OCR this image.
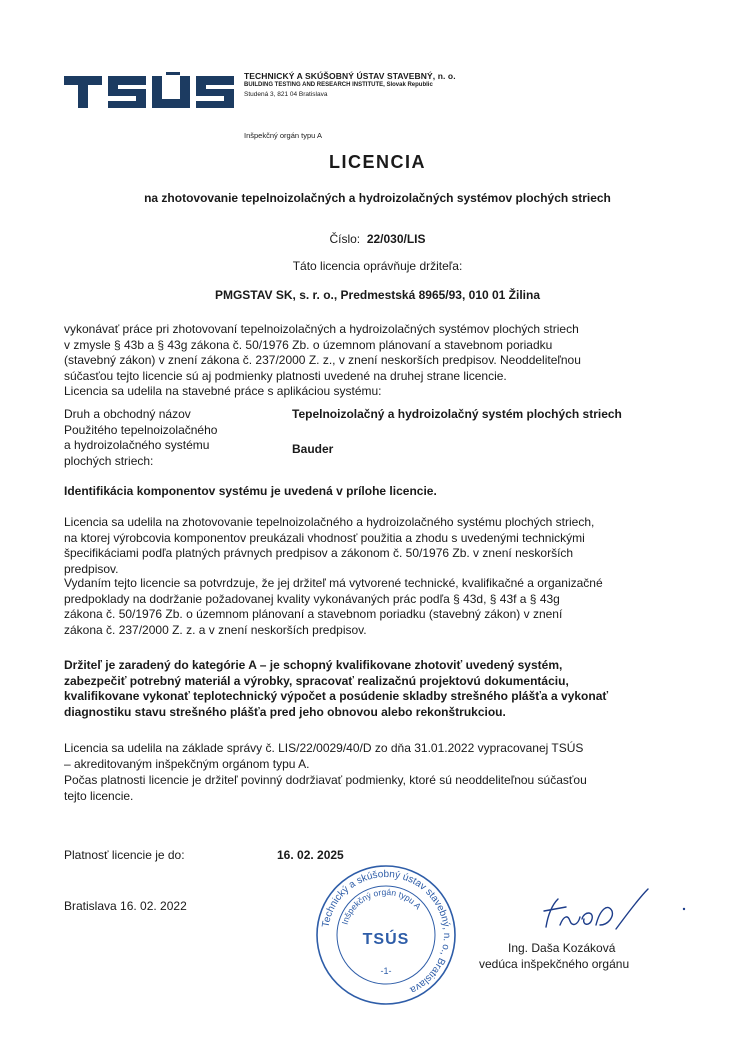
TECHNICKÝ A SKÚŠOBNÝ ÚSTAV STAVEBNÝ, n. o.
BUILDING TESTING AND RESEARCH INSTITUTE, Slovak Republic
Studená 3, 821 04 Bratislava
Inšpekčný orgán typu A
LICENCIA
na zhotovovanie tepelnoizolačných a hydroizolačných systémov plochých striech
Číslo: 22/030/LIS
Táto licencia oprávňuje držiteľa:
PMGSTAV SK, s. r. o., Predmestská 8965/93, 010 01 Žilina
vykonávať práce pri zhotovovaní tepelnoizolačných a hydroizolačných systémov plochých striech
v zmysle § 43b a § 43g zákona č. 50/1976 Zb. o územnom plánovaní a stavebnom poriadku
(stavebný zákon) v znení zákona č. 237/2000 Z. z., v znení neskorších predpisov. Neoddeliteľnou
súčasťou tejto licencie sú aj podmienky platnosti uvedené na druhej strane licencie.
Licencia sa udelila na stavebné práce s aplikáciou systému:
Druh a obchodný názov
Použitého tepelnoizolačného
a hydroizolačného systému
plochých striech:
Tepelnoizolačný a hydroizolačný systém plochých striech
Bauder
Identifikácia komponentov systému je uvedená v prílohe licencie.
Licencia sa udelila na zhotovovanie tepelnoizolačného a hydroizolačného systému plochých striech,
na ktorej výrobcovia komponentov preukázali vhodnosť použitia a zhodu s uvedenými technickými
špecifikáciami podľa platných právnych predpisov a zákonom č. 50/1976 Zb. v znení neskorších
predpisov.
Vydaním tejto licencie sa potvrdzuje, že jej držiteľ má vytvorené technické, kvalifikačné a organizačné
predpoklady na dodržanie požadovanej kvality vykonávaných prác podľa § 43d, § 43f a § 43g
zákona č. 50/1976 Zb. o územnom plánovaní a stavebnom poriadku (stavebný zákon) v znení
zákona č. 237/2000 Z. z. a v znení neskorších predpisov.
Držiteľ je zaradený do kategórie A – je schopný kvalifikovane zhotoviť uvedený systém,
zabezpečiť potrebný materiál a výrobky, spracovať realizačnú projektovú dokumentáciu,
kvalifikovane vykonať teplotechnický výpočet a posúdenie skladby strešného plášťa a vykonať
diagnostiku stavu strešného plášťa pred jeho obnovou alebo rekonštrukciou.
Licencia sa udelila na základe správy č. LIS/22/0029/40/D zo dňa 31.01.2022 vypracovanej TSÚS
– akreditovaným inšpekčným orgánom typu A.
Počas platnosti licencie je držiteľ povinný dodržiavať podmienky, ktoré sú neoddeliteľnou súčasťou
tejto licencie.
Platnosť licencie je do:	16. 02. 2025
Bratislava 16. 02. 2022
Technický a skúšobný ústav stavebný, n. o., Bratislava
Inšpekčný orgán typu A
TSÚS
-1-
Ing. Daša Kozáková
vedúca inšpekčného orgánu
